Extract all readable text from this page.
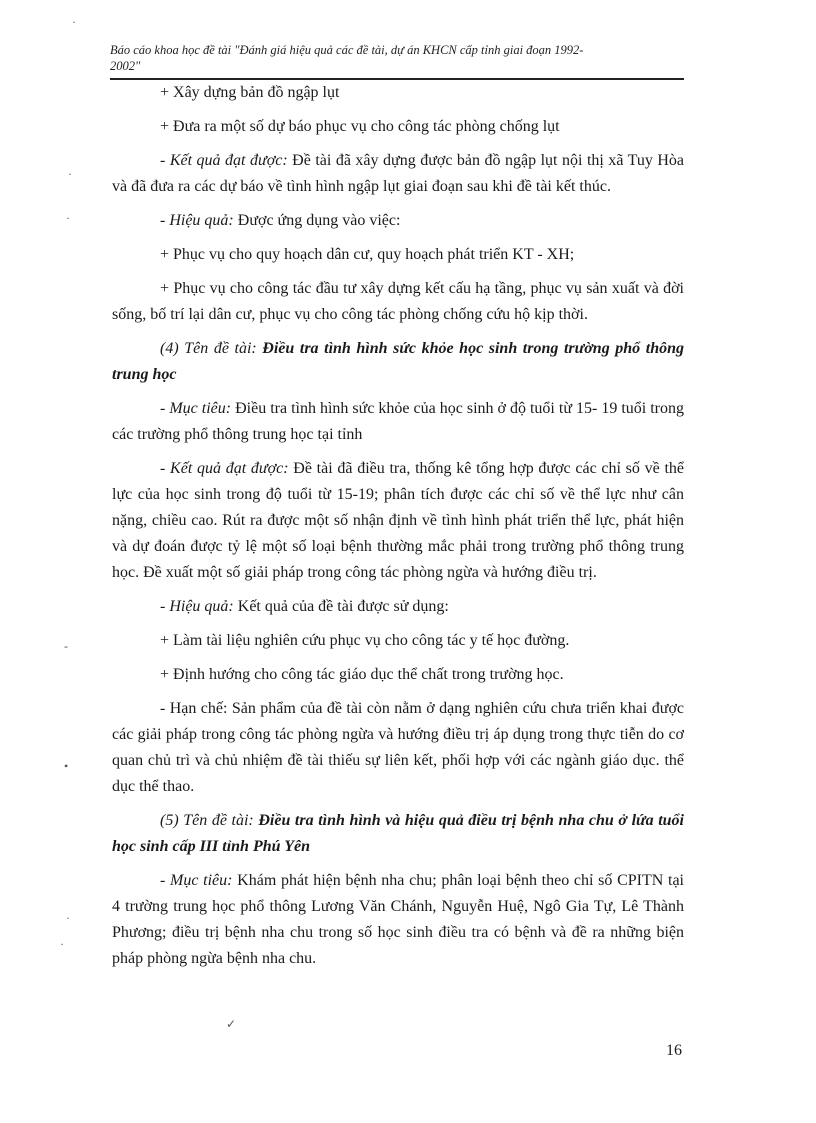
Báo cáo khoa học đề tài "Đánh giá hiệu quả các đề tài, dự án KHCN cấp tỉnh giai đoạn 1992-
2002"

+ Xây dựng bản đồ ngập lụt

+ Đưa ra một số dự báo phục vụ cho công tác phòng chống lụt

- Kết quả đạt được: Đề tài đã xây dựng được bản đồ ngập lụt nội thị xã Tuy Hòa và đã đưa ra các dự báo về tình hình ngập lụt giai đoạn sau khi đề tài kết thúc.

- Hiệu quả: Được ứng dụng vào việc:

+ Phục vụ cho quy hoạch dân cư, quy hoạch phát triển KT - XH;

+ Phục vụ cho công tác đầu tư xây dựng kết cấu hạ tầng, phục vụ sản xuất và đời sống, bố trí lại dân cư, phục vụ cho công tác phòng chống cứu hộ kịp thời.

(4) Tên đề tài: Điều tra tình hình sức khỏe học sinh trong trường phổ thông trung học

- Mục tiêu: Điều tra tình hình sức khỏe của học sinh ở độ tuổi từ 15- 19 tuổi trong các trường phổ thông trung học tại tỉnh

- Kết quả đạt được: Đề tài đã điều tra, thống kê tổng hợp được các chỉ số về thể lực của học sinh trong độ tuổi từ 15-19; phân tích được các chỉ số về thể lực như cân nặng, chiều cao. Rút ra được một số nhận định về tình hình phát triển thể lực, phát hiện và dự đoán được tỷ lệ một số loại bệnh thường mắc phải trong trường phổ thông trung học. Đề xuất một số giải pháp trong công tác phòng ngừa và hướng điều trị.

- Hiệu quả: Kết quả của đề tài được sử dụng:

+ Làm tài liệu nghiên cứu phục vụ cho công tác y tế học đường.

+ Định hướng cho công tác giáo dục thể chất trong trường học.

- Hạn chế: Sản phẩm của đề tài còn nằm ở dạng nghiên cứu chưa triển khai được các giải pháp trong công tác phòng ngừa và hướng điều trị áp dụng trong thực tiễn do cơ quan chủ trì và chủ nhiệm đề tài thiếu sự liên kết, phối hợp với các ngành giáo dục. thể dục thể thao.

(5) Tên đề tài: Điều tra tình hình và hiệu quả điều trị bệnh nha chu ở lứa tuổi học sinh cấp III tỉnh Phú Yên

- Mục tiêu: Khám phát hiện bệnh nha chu; phân loại bệnh theo chỉ số CPITN tại 4 trường trung học phổ thông Lương Văn Chánh, Nguyễn Huệ, Ngô Gia Tự, Lê Thành Phương; điều trị bệnh nha chu trong số học sinh điều tra có bệnh và đề ra những biện pháp phòng ngừa bệnh nha chu.

16
·
·
·
‐
•
·
·
✓
